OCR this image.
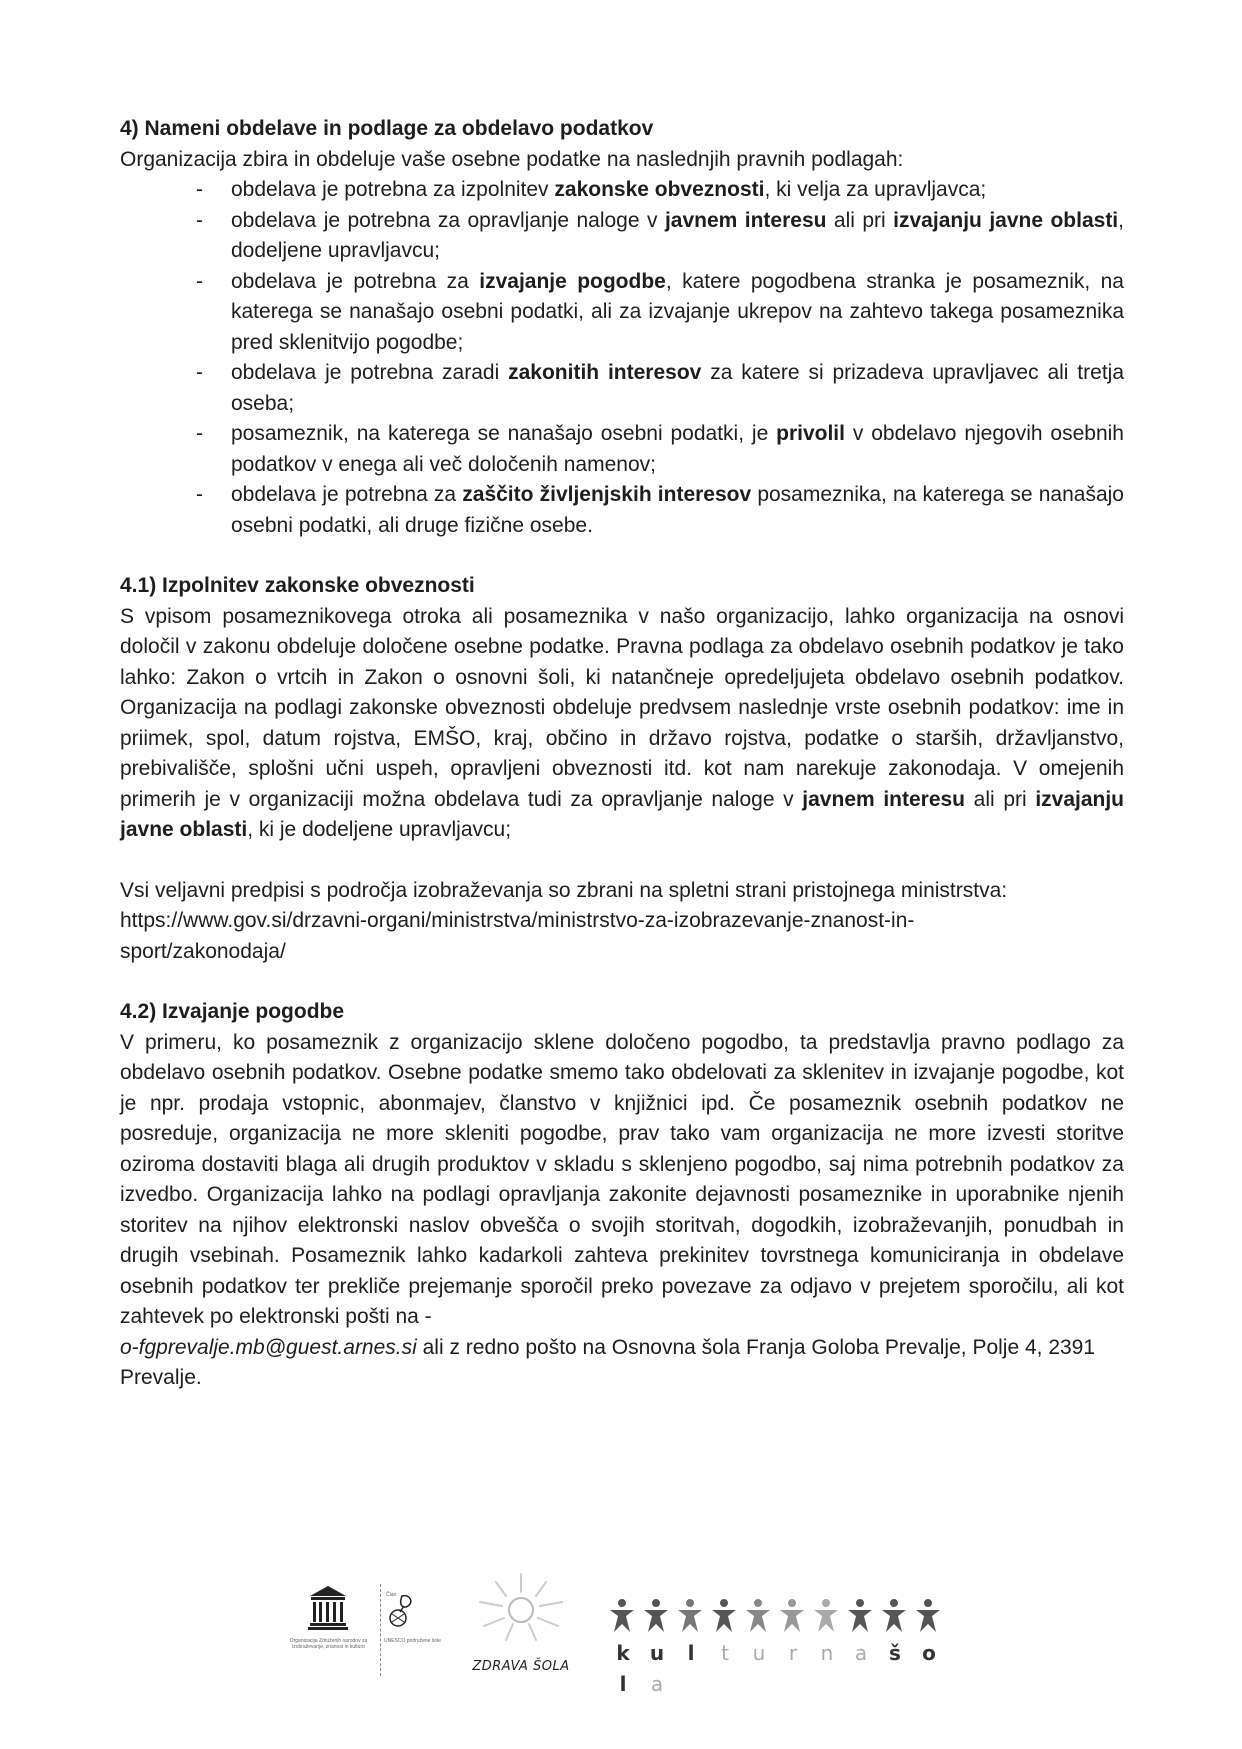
4) Nameni obdelave in podlage za obdelavo podatkov

Organizacija zbira in obdeluje vaše osebne podatke na naslednjih pravnih podlagah:

- obdelava je potrebna za izpolnitev zakonske obveznosti, ki velja za upravljavca;
- obdelava je potrebna za opravljanje naloge v javnem interesu ali pri izvajanju javne oblasti, dodeljene upravljavcu;
- obdelava je potrebna za izvajanje pogodbe, katere pogodbena stranka je posameznik, na katerega se nanašajo osebni podatki, ali za izvajanje ukrepov na zahtevo takega posameznika pred sklenitvijo pogodbe;
- obdelava je potrebna zaradi zakonitih interesov za katere si prizadeva upravljavec ali tretja oseba;
- posameznik, na katerega se nanašajo osebni podatki, je privolil v obdelavo njegovih osebnih podatkov v enega ali več določenih namenov;
- obdelava je potrebna za zaščito življenjskih interesov posameznika, na katerega se nanašajo osebni podatki, ali druge fizične osebe.
4.1) Izpolnitev zakonske obveznosti

S vpisom posameznikovega otroka ali posameznika v našo organizacijo, lahko organizacija na osnovi določil v zakonu obdeluje določene osebne podatke. Pravna podlaga za obdelavo osebnih podatkov je tako lahko: Zakon o vrtcih in Zakon o osnovni šoli, ki natančneje opredeljujeta obdelavo osebnih podatkov. Organizacija na podlagi zakonske obveznosti obdeluje predvsem naslednje vrste osebnih podatkov: ime in priimek, spol, datum rojstva, EMŠO, kraj, občino in državo rojstva, podatke o starših, državljanstvo, prebivališče, splošni učni uspeh, opravljeni obveznosti itd. kot nam narekuje zakonodaja. V omejenih primerih je v organizaciji možna obdelava tudi za opravljanje naloge v javnem interesu ali pri izvajanju javne oblasti, ki je dodeljene upravljavcu;

Vsi veljavni predpisi s področja izobraževanja so zbrani na spletni strani pristojnega ministrstva:

https://www.gov.si/drzavni-organi/ministrstva/ministrstvo-za-izobrazevanje-znanost-in-

sport/zakonodaja/

4.2) Izvajanje pogodbe

V primeru, ko posameznik z organizacijo sklene določeno pogodbo, ta predstavlja pravno podlago za obdelavo osebnih podatkov. Osebne podatke smemo tako obdelovati za sklenitev in izvajanje pogodbe, kot je npr. prodaja vstopnic, abonmajev, članstvo v knjižnici ipd. Če posameznik osebnih podatkov ne posreduje, organizacija ne more skleniti pogodbe, prav tako vam organizacija ne more izvesti storitve oziroma dostaviti blaga ali drugih produktov v skladu s sklenjeno pogodbo, saj nima potrebnih podatkov za izvedbo. Organizacija lahko na podlagi opravljanja zakonite dejavnosti posameznike in uporabnike njenih storitev na njihov elektronski naslov obvešča o svojih storitvah, dogodkih, izobraževanjih, ponudbah in drugih vsebinah. Posameznik lahko kadarkoli zahteva prekinitev tovrstnega komuniciranja in obdelave osebnih podatkov ter prekliče prejemanje sporočil preko povezave za odjavo v prejetem sporočilu, ali kot zahtevek po elektronski pošti na -

o-fgprevalje.mb@guest.arnes.si ali z redno pošto na Osnovna šola Franja Goloba Prevalje, Polje 4, 2391 Prevalje.

Organizacija Združenih narodov za izobraževanje, znanost in kulturo
Član
UNESCO pridružene šole
ZDRAVA ŠOLA
k u l t u r n a š ol a
